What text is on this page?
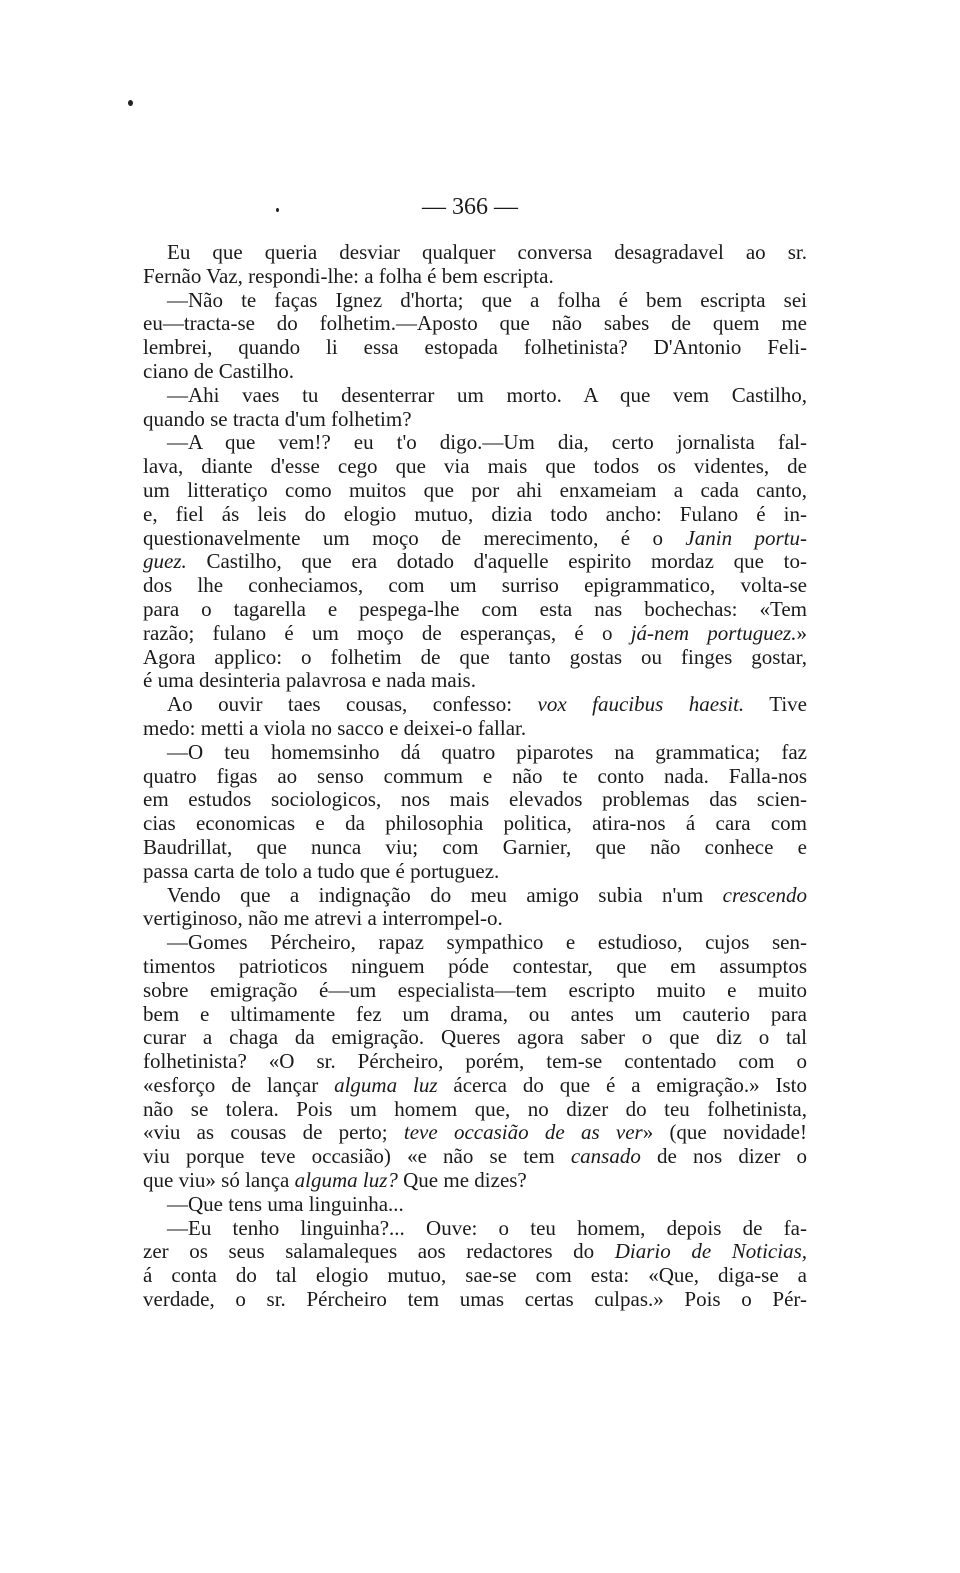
— 366 —
Eu que queria desviar qualquer conversa desagradavel ao sr.
Fernão Vaz, respondi-lhe: a folha é bem escripta.
—Não te faças Ignez d'horta; que a folha é bem escripta sei
eu—tracta-se do folhetim.—Aposto que não sabes de quem me
lembrei, quando li essa estopada folhetinista? D'Antonio Feli-
ciano de Castilho.
—Ahi vaes tu desenterrar um morto. A que vem Castilho,
quando se tracta d'um folhetim?
—A que vem!? eu t'o digo.—Um dia, certo jornalista fal-
lava, diante d'esse cego que via mais que todos os videntes, de
um litteratiço como muitos que por ahi enxameiam a cada canto,
e, fiel ás leis do elogio mutuo, dizia todo ancho: Fulano é in-
questionavelmente um moço de merecimento, é o Janin portu-
guez. Castilho, que era dotado d'aquelle espirito mordaz que to-
dos lhe conheciamos, com um surriso epigrammatico, volta-se
para o tagarella e pespega-lhe com esta nas bochechas: «Tem
razão; fulano é um moço de esperanças, é o já-nem portuguez.»
Agora applico: o folhetim de que tanto gostas ou finges gostar,
é uma desinteria palavrosa e nada mais.
Ao ouvir taes cousas, confesso: vox faucibus haesit. Tive
medo: metti a viola no sacco e deixei-o fallar.
—O teu homemsinho dá quatro piparotes na grammatica; faz
quatro figas ao senso commum e não te conto nada. Falla-nos
em estudos sociologicos, nos mais elevados problemas das scien-
cias economicas e da philosophia politica, atira-nos á cara com
Baudrillat, que nunca viu; com Garnier, que não conhece e
passa carta de tolo a tudo que é portuguez.
Vendo que a indignação do meu amigo subia n'um crescendo
vertiginoso, não me atrevi a interrompel-o.
—Gomes Pércheiro, rapaz sympathico e estudioso, cujos sen-
timentos patrioticos ninguem póde contestar, que em assumptos
sobre emigração é—um especialista—tem escripto muito e muito
bem e ultimamente fez um drama, ou antes um cauterio para
curar a chaga da emigração. Queres agora saber o que diz o tal
folhetinista? «O sr. Pércheiro, porém, tem-se contentado com o
«esforço de lançar alguma luz ácerca do que é a emigração.» Isto
não se tolera. Pois um homem que, no dizer do teu folhetinista,
«viu as cousas de perto; teve occasião de as ver» (que novidade!
viu porque teve occasião) «e não se tem cansado de nos dizer o
que viu» só lança alguma luz? Que me dizes?
—Que tens uma linguinha...
—Eu tenho linguinha?... Ouve: o teu homem, depois de fa-
zer os seus salamaleques aos redactores do Diario de Noticias,
á conta do tal elogio mutuo, sae-se com esta: «Que, diga-se a
verdade, o sr. Pércheiro tem umas certas culpas.» Pois o Pér-
